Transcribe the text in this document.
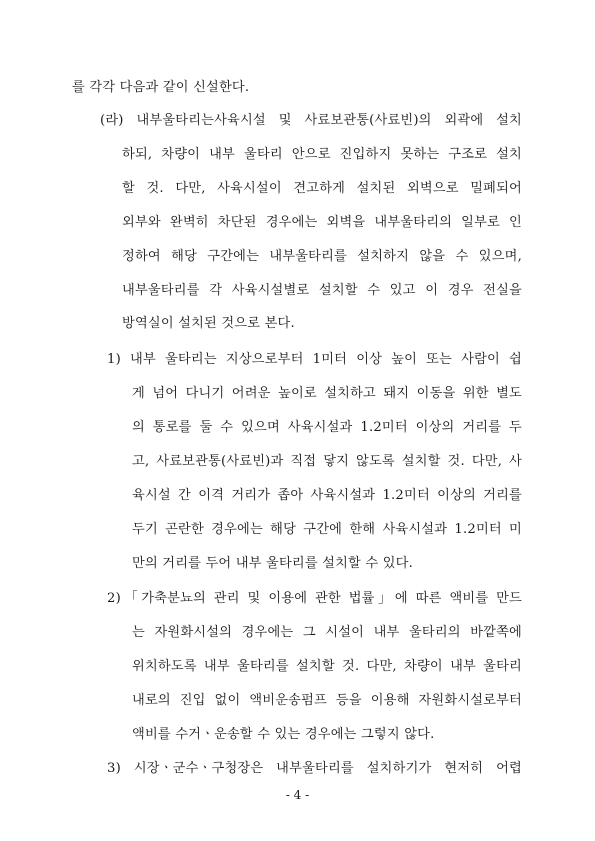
를 각각 다음과 같이 신설한다.
(라) 내부울타리는사육시설 및 사료보관통(사료빈)의 외곽에 설치
하되, 차량이 내부 울타리 안으로 진입하지 못하는 구조로 설치
할 것. 다만, 사육시설이 견고하게 설치된 외벽으로 밀폐되어
외부와 완벽히 차단된 경우에는 외벽을 내부울타리의 일부로 인
정하여 해당 구간에는 내부울타리를 설치하지 않을 수 있으며,
내부울타리를 각 사육시설별로 설치할 수 있고 이 경우 전실을
방역실이 설치된 것으로 본다.
1) 내부 울타리는 지상으로부터 1미터 이상 높이 또는 사람이 쉽
게 넘어 다니기 어려운 높이로 설치하고 돼지 이동을 위한 별도
의 통로를 둘 수 있으며 사육시설과 1.2미터 이상의 거리를 두
고, 사료보관통(사료빈)과 직접 닿지 않도록 설치할 것. 다만, 사
육시설 간 이격 거리가 좁아 사육시설과 1.2미터 이상의 거리를
두기 곤란한 경우에는 해당 구간에 한해 사육시설과 1.2미터 미
만의 거리를 두어 내부 울타리를 설치할 수 있다.
2)「가축분뇨의 관리 및 이용에 관한 법률」에 따른 액비를 만드
는 자원화시설의 경우에는 그 시설이 내부 울타리의 바깥쪽에
위치하도록 내부 울타리를 설치할 것. 다만, 차량이 내부 울타리
내로의 진입 없이 액비운송펌프 등을 이용해 자원화시설로부터
액비를 수거ㆍ운송할 수 있는 경우에는 그렇지 않다.
3) 시장ㆍ군수ㆍ구청장은 내부울타리를 설치하기가 현저히 어렵
- 4 -
